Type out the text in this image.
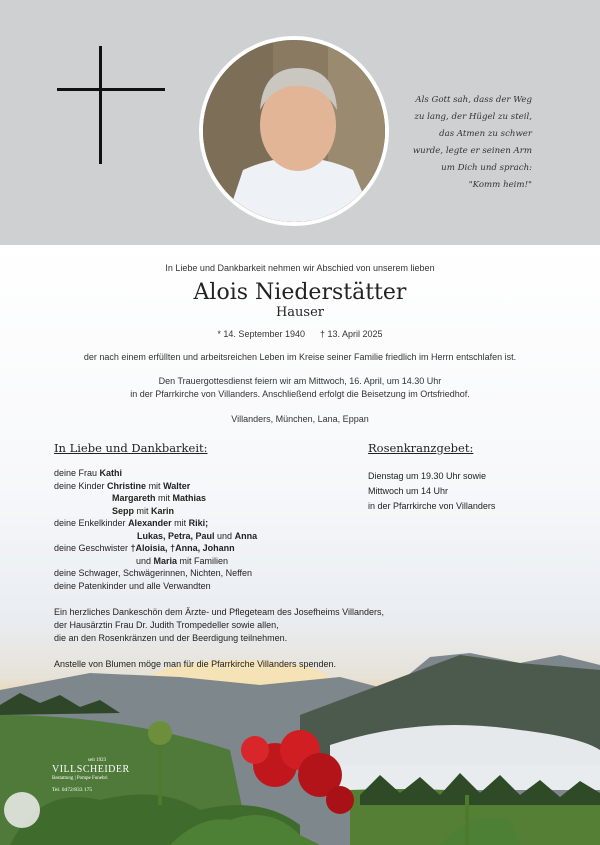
Als Gott sah, dass der Weg
zu lang, der Hügel zu steil,
das Atmen zu schwer
wurde, legte er seinen Arm
um Dich und sprach:
"Komm heim!"
In Liebe und Dankbarkeit nehmen wir Abschied von unserem lieben
Alois Niederstätter
Hauser
* 14. September 1940 † 13. April 2025
der nach einem erfüllten und arbeitsreichen Leben im Kreise seiner Familie friedlich im Herrn entschlafen ist.
Den Trauergottesdienst feiern wir am Mittwoch, 16. April, um 14.30 Uhr
in der Pfarrkirche von Villanders. Anschließend erfolgt die Beisetzung im Ortsfriedhof.
Villanders, München, Lana, Eppan
In Liebe und Dankbarkeit:	Rosenkranzgebet:
deine Frau Kathi
deine Kinder Christine mit Walter
Margareth mit Mathias
Sepp mit Karin
deine Enkelkinder Alexander mit Riki;
Lukas, Petra, Paul und Anna
deine Geschwister †Aloisia, †Anna, Johann
und Maria mit Familien
deine Schwager, Schwägerinnen, Nichten, Neffen
deine Patenkinder und alle Verwandten
Dienstag um 19.30 Uhr sowie
Mittwoch um 14 Uhr
in der Pfarrkirche von Villanders
Ein herzliches Dankeschön dem Ärzte- und Pflegeteam des Josefheims Villanders,
der Hausärztin Frau Dr. Judith Trompedeller sowie allen,
die an den Rosenkränzen und der Beerdigung teilnehmen.
Anstelle von Blumen möge man für die Pfarrkirche Villanders spenden.
seit 1923
VILLSCHEIDER
Bestattung | Pompe Funebri
Tel. 0472/833 175
